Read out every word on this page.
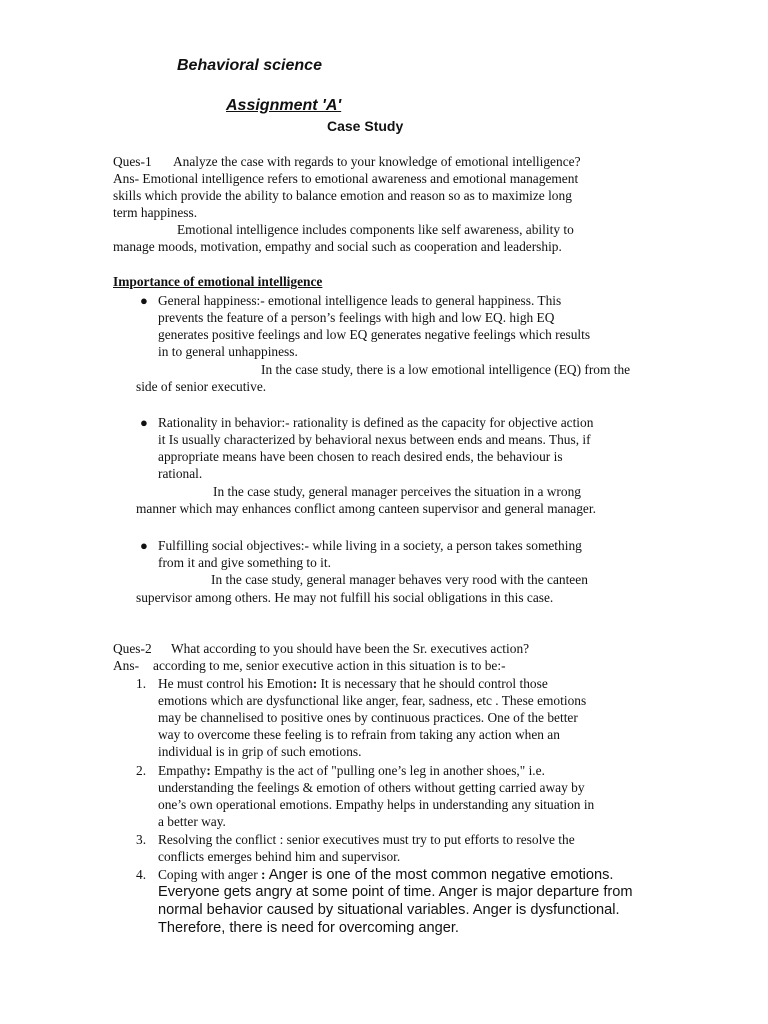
Behavioral science
Assignment 'A'
Case Study
Ques-1 Analyze the case with regards to your knowledge of emotional intelligence?
Ans- Emotional intelligence refers to emotional awareness and emotional management
skills which provide the ability to balance emotion and reason so as to maximize long
term happiness.
Emotional intelligence includes components like self awareness, ability to
manage moods, motivation, empathy and social such as cooperation and leadership.
Importance of emotional intelligence
● General happiness:- emotional intelligence leads to general happiness. This
prevents the feature of a person’s feelings with high and low EQ. high EQ
generates positive feelings and low EQ generates negative feelings which results
in to general unhappiness.
In the case study, there is a low emotional intelligence (EQ) from the
side of senior executive.
● Rationality in behavior:- rationality is defined as the capacity for objective action
it Is usually characterized by behavioral nexus between ends and means. Thus, if
appropriate means have been chosen to reach desired ends, the behaviour is
rational.
In the case study, general manager perceives the situation in a wrong
manner which may enhances conflict among canteen supervisor and general manager.
● Fulfilling social objectives:- while living in a society, a person takes something
from it and give something to it.
In the case study, general manager behaves very rood with the canteen
supervisor among others. He may not fulfill his social obligations in this case.
Ques-2 What according to you should have been the Sr. executives action?
Ans- according to me, senior executive action in this situation is to be:-
1. He must control his Emotion: It is necessary that he should control those
emotions which are dysfunctional like anger, fear, sadness, etc . These emotions
may be channelised to positive ones by continuous practices. One of the better
way to overcome these feeling is to refrain from taking any action when an
individual is in grip of such emotions.
2. Empathy: Empathy is the act of "pulling one’s leg in another shoes," i.e.
understanding the feelings & emotion of others without getting carried away by
one’s own operational emotions. Empathy helps in understanding any situation in
a better way.
3. Resolving the conflict : senior executives must try to put efforts to resolve the
conflicts emerges behind him and supervisor.
4. Coping with anger : Anger is one of the most common negative emotions.
Everyone gets angry at some point of time. Anger is major departure from
normal behavior caused by situational variables. Anger is dysfunctional.
Therefore, there is need for overcoming anger.
